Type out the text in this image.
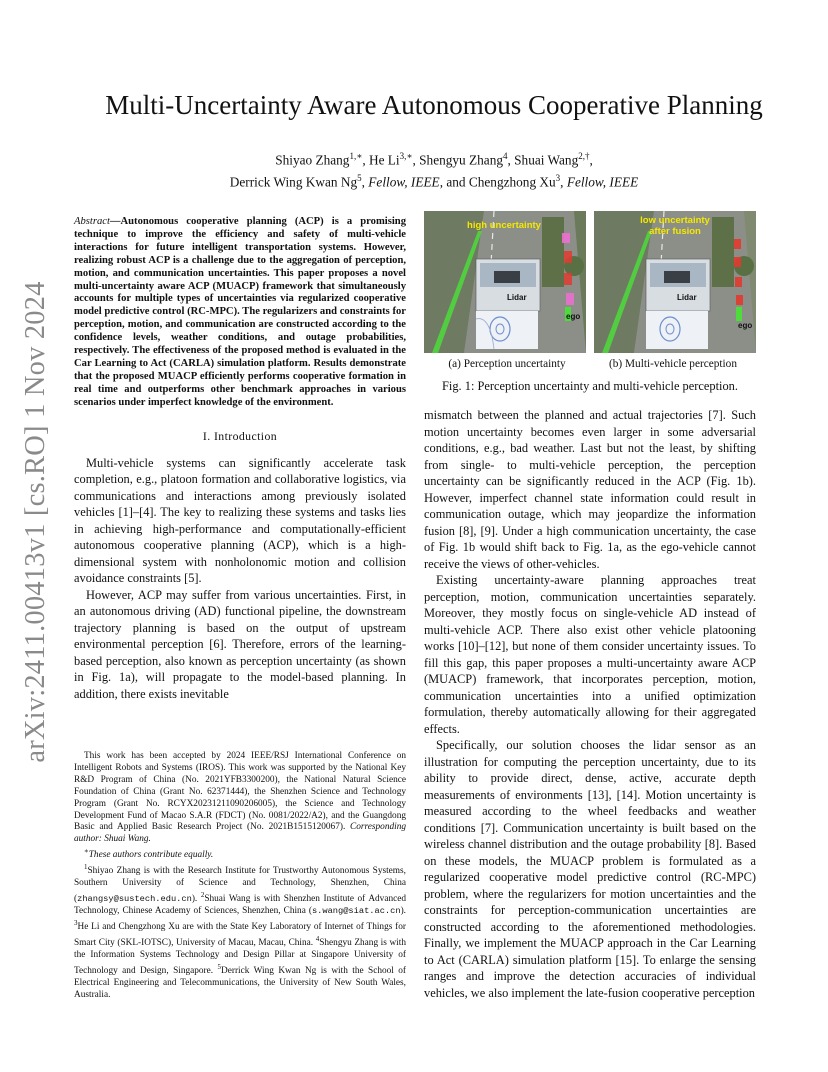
arXiv:2411.00413v1 [cs.RO] 1 Nov 2024
Multi-Uncertainty Aware Autonomous Cooperative Planning
Shiyao Zhang$^{1,∗}$, He $Li^{3,∗}$, Shengyu Zhang$^4$, Shuai Wang$^{2,\dagger}$,
Derrick Wing Kwan Ng$^5$, Fellow, IEEE, and Chengzhong Xu$^3$, Fellow, IEEE

Abstract—Autonomous cooperative planning (ACP) is a promising technique to improve the efficiency and safety of multi-vehicle interactions for future intelligent transportation systems. However, realizing robust ACP is a challenge due to the aggregation of perception, motion, and communication uncertainties. This paper proposes a novel multi-uncertainty aware ACP (MUACP) framework that simultaneously accounts for multiple types of uncertainties via regularized cooperative model predictive control (RC-MPC). The regularizers and constraints for perception, motion, and communication are constructed according to the confidence levels, weather conditions, and outage probabilities, respectively. The effectiveness of the proposed method is evaluated in the Car Learning to Act (CARLA) simulation platform. Results demonstrate that the proposed MUACP efficiently performs cooperative formation in real time and outperforms other benchmark approaches in various scenarios under imperfect knowledge of the environment.

I. Introduction

Multi-vehicle systems can significantly accelerate task completion, e.g., platoon formation and collaborative logistics, via communications and interactions among previously isolated vehicles [1]–[4]. The key to realizing these systems and tasks lies in achieving high-performance and computationally-efficient autonomous cooperative planning (ACP), which is a high-dimensional system with nonholonomic motion and collision avoidance constraints [5].

However, ACP may suffer from various uncertainties. First, in an autonomous driving (AD) functional pipeline, the downstream trajectory planning is based on the output of upstream environmental perception [6]. Therefore, errors of the learning-based perception, also known as perception uncertainty (as shown in Fig. 1a), will propagate to the model-based planning. In addition, there exists inevitable

This work has been accepted by 2024 IEEE/RSJ International Conference on Intelligent Robots and Systems (IROS). This work was supported by the National Key R&D Program of China (No. 2021YFB3300200), the National Natural Science Foundation of China (Grant No. 62371444), the Shenzhen Science and Technology Program (Grant No. RCYX20231211090206005), the Science and Technology Development Fund of Macao S.A.R (FDCT) (No. 0081/2022/A2), and the Guangdong Basic and Applied Basic Research Project (No. 2021B1515120067). Corresponding author: Shuai Wang.

∗These authors contribute equally.

$^1$Shiyao Zhang is with the Research Institute for Trustworthy Autonomous Systems, Southern University of Science and Technology, Shenzhen, China (zhangsy@sustech.edu.cn). $^2$Shuai Wang is with Shenzhen Institute of Advanced Technology, Chinese Academy of Sciences, Shenzhen, China (s.wang@siat.ac.cn). $^3$He Li and Chengzhong Xu are with the State Key Laboratory of Internet of Things for Smart City (SKL-IOTSC), University of Macau, Macau, China. $^4$Shengyu Zhang is with the Information Systems Technology and Design Pillar at Singapore University of Technology and Design, Singapore. $^5$Derrick Wing Kwan Ng is with the School of Electrical Engineering and Telecommunications, the University of New South Wales, Australia.

high uncertainty
Lidar
ego
low uncertainty
after fusion
Lidar
ego
(a) Perception uncertainty	(b) Multi-vehicle perception
Fig. 1: Perception uncertainty and multi-vehicle perception.

mismatch between the planned and actual trajectories [7]. Such motion uncertainty becomes even larger in some adversarial conditions, e.g., bad weather. Last but not the least, by shifting from single- to multi-vehicle perception, the perception uncertainty can be significantly reduced in the ACP (Fig. 1b). However, imperfect channel state information could result in communication outage, which may jeopardize the information fusion [8], [9]. Under a high communication uncertainty, the case of Fig. 1b would shift back to Fig. 1a, as the ego-vehicle cannot receive the views of other-vehicles.

Existing uncertainty-aware planning approaches treat perception, motion, communication uncertainties separately. Moreover, they mostly focus on single-vehicle AD instead of multi-vehicle ACP. There also exist other vehicle platooning works [10]–[12], but none of them consider uncertainty issues. To fill this gap, this paper proposes a multi-uncertainty aware ACP (MUACP) framework, that incorporates perception, motion, communication uncertainties into a unified optimization formulation, thereby automatically allowing for their aggregated effects.

Specifically, our solution chooses the lidar sensor as an illustration for computing the perception uncertainty, due to its ability to provide direct, dense, active, accurate depth measurements of environments [13], [14]. Motion uncertainty is measured according to the wheel feedbacks and weather conditions [7]. Communication uncertainty is built based on the wireless channel distribution and the outage probability [8]. Based on these models, the MUACP problem is formulated as a regularized cooperative model predictive control (RC-MPC) problem, where the regularizers for motion uncertainties and the constraints for perception-communication uncertainties are constructed according to the aforementioned methodologies. Finally, we implement the MUACP approach in the Car Learning to Act (CARLA) simulation platform [15]. To enlarge the sensing ranges and improve the detection accuracies of individual vehicles, we also implement the late-fusion cooperative perception
